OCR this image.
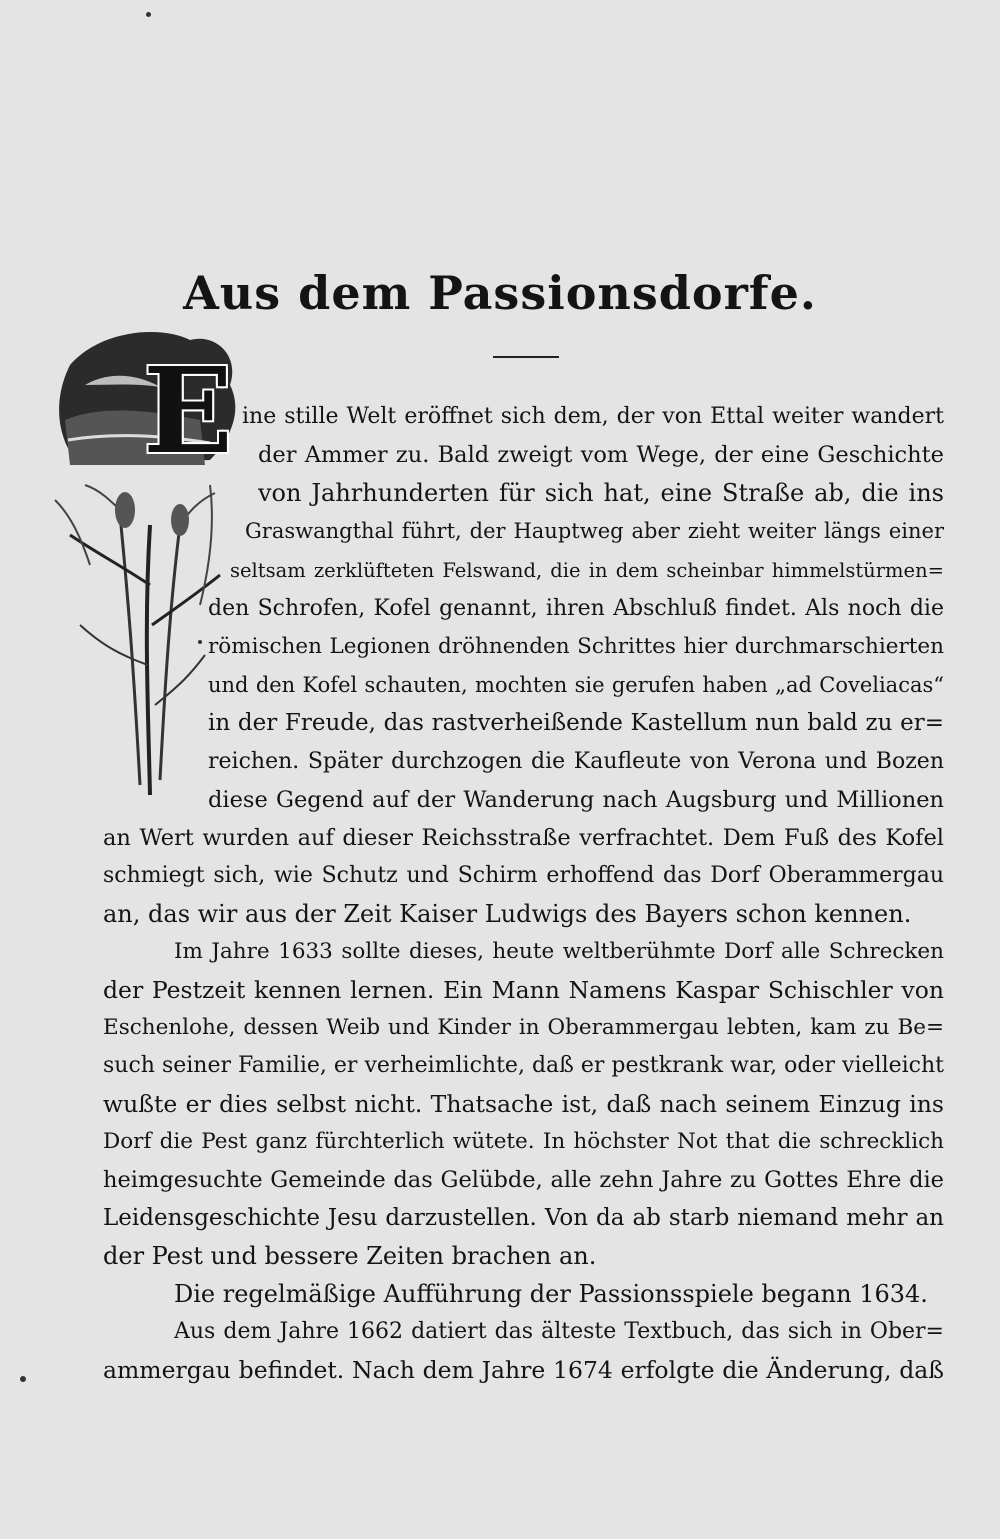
Aus dem Passionsdorfe.
E ine stille Welt eröffnet sich dem, der von Ettal weiter wandert
der Ammer zu. Bald zweigt vom Wege, der eine Geschichte
von Jahrhunderten für sich hat, eine Straße ab, die ins
Graswangthal führt, der Hauptweg aber zieht weiter längs einer
seltsam zerklüfteten Felswand, die in dem scheinbar himmelstürmen=
den Schrofen, Kofel genannt, ihren Abschluß findet. Als noch die
römischen Legionen dröhnenden Schrittes hier durchmarschierten
und den Kofel schauten, mochten sie gerufen haben „ad Coveliacas“
in der Freude, das rastverheißende Kastellum nun bald zu er=
reichen. Später durchzogen die Kaufleute von Verona und Bozen
diese Gegend auf der Wanderung nach Augsburg und Millionen
an Wert wurden auf dieser Reichsstraße verfrachtet. Dem Fuß des Kofel
schmiegt sich, wie Schutz und Schirm erhoffend das Dorf Oberammergau
an, das wir aus der Zeit Kaiser Ludwigs des Bayers schon kennen.
Im Jahre 1633 sollte dieses, heute weltberühmte Dorf alle Schrecken
der Pestzeit kennen lernen. Ein Mann Namens Kaspar Schischler von
Eschenlohe, dessen Weib und Kinder in Oberammergau lebten, kam zu Be=
such seiner Familie, er verheimlichte, daß er pestkrank war, oder vielleicht
wußte er dies selbst nicht. Thatsache ist, daß nach seinem Einzug ins
Dorf die Pest ganz fürchterlich wütete. In höchster Not that die schrecklich
heimgesuchte Gemeinde das Gelübde, alle zehn Jahre zu Gottes Ehre die
Leidensgeschichte Jesu darzustellen. Von da ab starb niemand mehr an
der Pest und bessere Zeiten brachen an.
Die regelmäßige Aufführung der Passionsspiele begann 1634.
Aus dem Jahre 1662 datiert das älteste Textbuch, das sich in Ober=
ammergau befindet. Nach dem Jahre 1674 erfolgte die Änderung, daß
